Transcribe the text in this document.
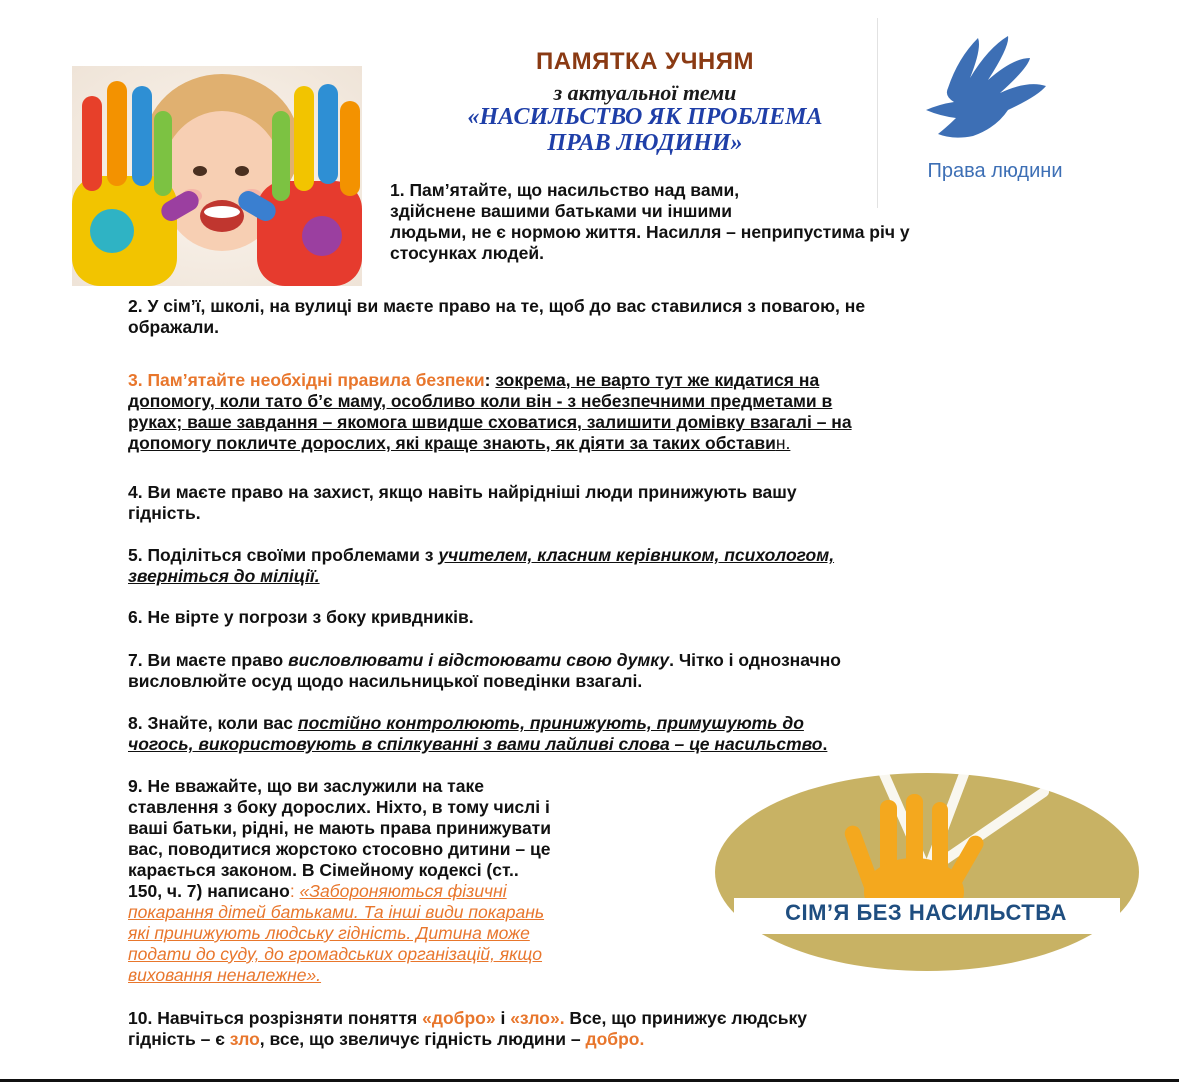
ПАМЯТКА УЧНЯМ
з актуальної теми
«НАСИЛЬСТВО ЯК ПРОБЛЕМА
ПРАВ ЛЮДИНИ»
Права людини
1. Пам’ятайте, що насильство над вами,
здійснене вашими батьками чи іншими
людьми, не є нормою життя. Насилля – неприпустима річ у
стосунках людей.
2. У сім’ї, школі, на вулиці ви маєте право на те, щоб до вас ставилися з повагою, не
ображали.
3. Пам’ятайте необхідні правила безпеки: зокрема, не варто тут же кидатися на
допомогу, коли тато б’є маму, особливо коли він - з небезпечними предметами в
руках; ваше завдання – якомога швидше сховатися, залишити домівку взагалі – на
допомогу покличте дорослих, які краще знають, як діяти за таких обставин.
4. Ви маєте право на захист, якщо навіть найрідніші люди принижують вашу
гідність.
5. Поділіться своїми проблемами з учителем, класним керівником, психологом,
зверніться до міліції.
6. Не вірте у погрози з боку кривдників.
7. Ви маєте право висловлювати і відстоювати свою думку. Чітко і однозначно
висловлюйте осуд щодо насильницької поведінки взагалі.
8. Знайте, коли вас постійно контролюють, принижують, примушують до
чогось, використовують в спілкуванні з вами лайливі слова – це насильство.
9. Не вважайте, що ви заслужили на таке
ставлення з боку дорослих. Ніхто, в тому числі і
ваші батьки, рідні, не мають права принижувати
вас, поводитися жорстоко стосовно дитини – це
карається законом. В Сімейному кодексі (ст..
150, ч. 7) написано: «Забороняються фізичні
покарання дітей батьками. Та інші види покарань
які принижують людську гідність. Дитина може
подати до суду, до громадських організацій, якщо
виховання неналежне».
СІМ’Я БЕЗ НАСИЛЬСТВА
10. Навчіться розрізняти поняття «добро» і «зло». Все, що принижує людську
гідність – є зло, все, що звеличує гідність людини – добро.
